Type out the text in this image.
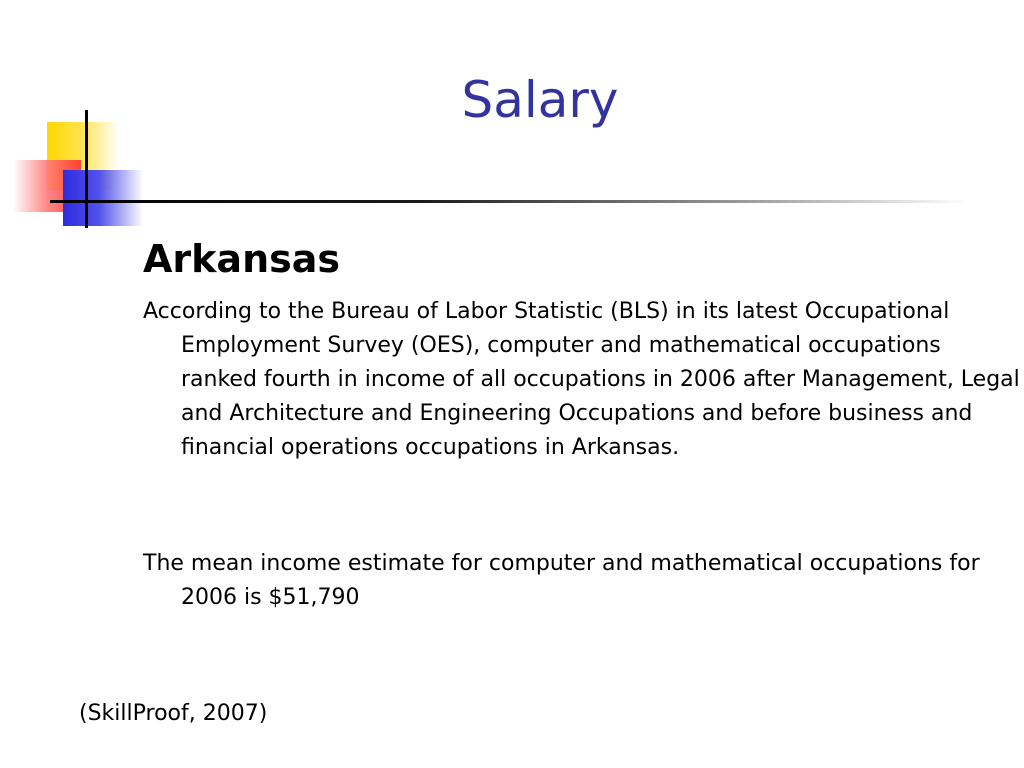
Salary
Arkansas

According to the Bureau of Labor Statistic (BLS) in its latest Occupational Employment Survey (OES), computer and mathematical occupations ranked fourth in income of all occupations in 2006 after Management, Legal and Architecture and Engineering Occupations and before business and financial operations occupations in Arkansas.

The mean income estimate for computer and mathematical occupations for 2006 is $51,790

(SkillProof, 2007)
